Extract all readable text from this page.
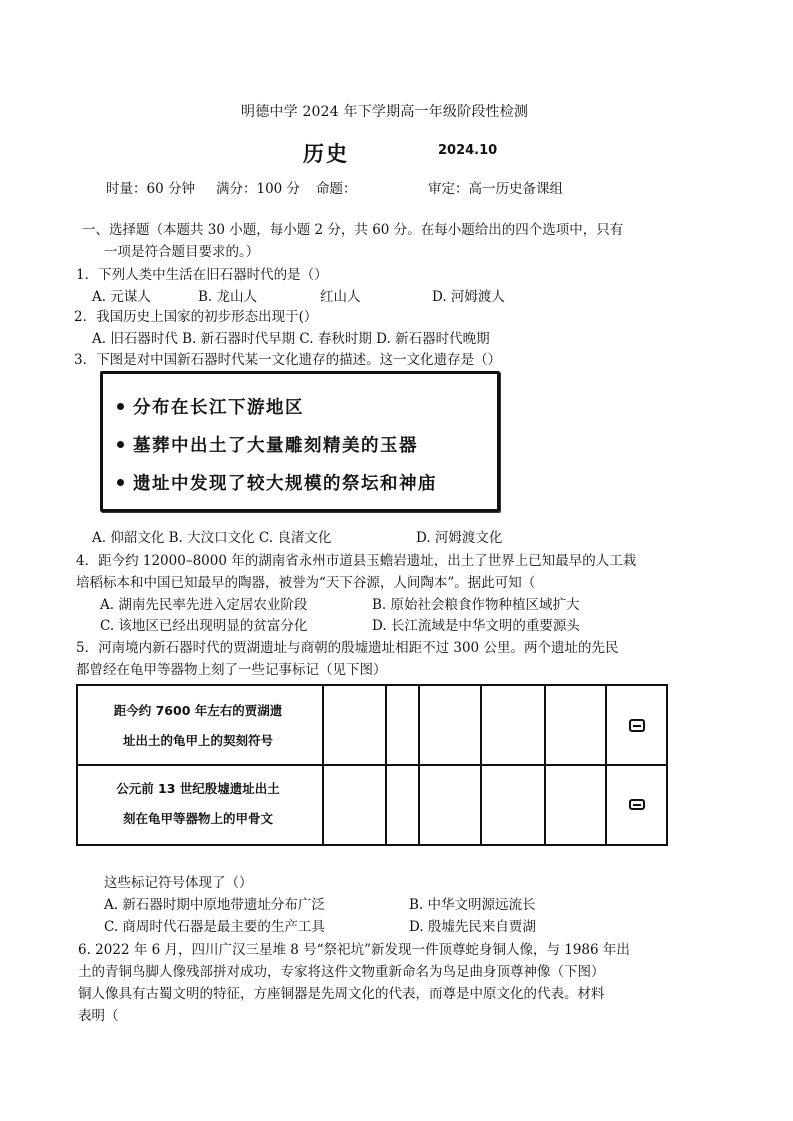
明德中学 2024 年下学期高一年级阶段性检测
历史	2024.10
时量：60 分钟 满分：100 分 命题：	审定：高一历史备课组
一、选择题（本题共 30 小题，每小题 2 分，共 60 分。在每小题给出的四个选项中，只有
一项是符合题目要求的。）
1．下列人类中生活在旧石器时代的是（）
A. 元谋人	B. 龙山人	红山人	D. 河姆渡人
2．我国历史上国家的初步形态出现于(）
A. 旧石器时代 B. 新石器时代早期 C. 春秋时期 D. 新石器时代晚期
3．下图是对中国新石器时代某一文化遗存的描述。这一文化遗存是（）
分布在长江下游地区
墓葬中出土了大量雕刻精美的玉器
遗址中发现了较大规模的祭坛和神庙
A. 仰韶文化 B. 大汶口文化 C. 良渚文化	D. 河姆渡文化
4．距今约 12000–8000 年的湖南省永州市道县玉蟾岩遗址，出土了世界上已知最早的人工栽
培稻标本和中国已知最早的陶器，被誉为“天下谷源，人间陶本”。据此可知（
A. 湖南先民率先进入定居农业阶段	B. 原始社会粮食作物种植区域扩大
C. 该地区已经出现明显的贫富分化	D. 长江流域是中华文明的重要源头
5．河南境内新石器时代的贾湖遗址与商朝的殷墟遗址相距不过 300 公里。两个遗址的先民
都曾经在龟甲等器物上刻了一些记事标记（见下图）
距今约 7600 年左右的贾湖遗
址出土的龟甲上的契刻符号
公元前 13 世纪殷墟遗址出土
刻在龟甲等器物上的甲骨文
这些标记符号体现了（）
A. 新石器时期中原地带遗址分布广泛	B. 中华文明源远流长
C. 商周时代石器是最主要的生产工具	D. 殷墟先民来自贾湖
6. 2022 年 6 月，四川广汉三星堆 8 号“祭祀坑”新发现一件顶尊蛇身铜人像，与 1986 年出
土的青铜鸟脚人像残部拼对成功，专家将这件文物重新命名为鸟足曲身顶尊神像（下图）
铜人像具有古蜀文明的特征，方座铜器是先周文化的代表，而尊是中原文化的代表。材料
表明（
